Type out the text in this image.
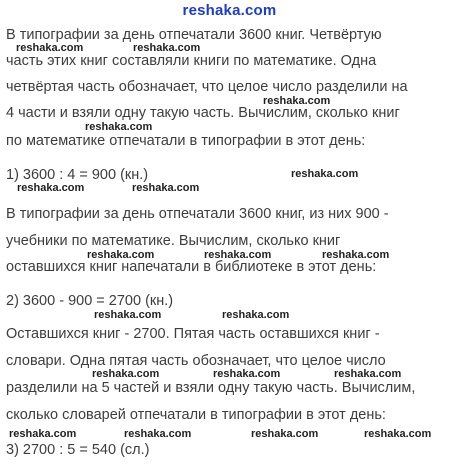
reshaka.com
В типографии за день отпечатали 3600 книг. Четвёртую
часть этих книг составляли книги по математике. Одна
четвёртая часть обозначает, что целое число разделили на
4 части и взяли одну такую часть. Вычислим, сколько книг
по математике отпечатали в типографии в этот день:
1) 3600 : 4 = 900 (кн.)
В типографии за день отпечатали 3600 книг, из них 900 -
учебники по математике. Вычислим, сколько книг
оставшихся книг напечатали в библиотеке в этот день:
2) 3600 - 900 = 2700 (кн.)
Оставшихся книг - 2700. Пятая часть оставшихся книг -
словари. Одна пятая часть обозначает, что целое число
разделили на 5 частей и взяли одну такую часть. Вычислим,
сколько словарей отпечатали в типографии в этот день:
3) 2700 : 5 = 540 (сл.)
reshaka.com	reshaka.com
reshaka.com
reshaka.com
reshaka.com	reshaka.com
reshaka.com
reshaka.com	reshaka.com	reshaka.com
reshaka.com	reshaka.com
reshaka.com	reshaka.com	reshaka.com
reshaka.com	reshaka.com	reshaka.com	reshaka.com
